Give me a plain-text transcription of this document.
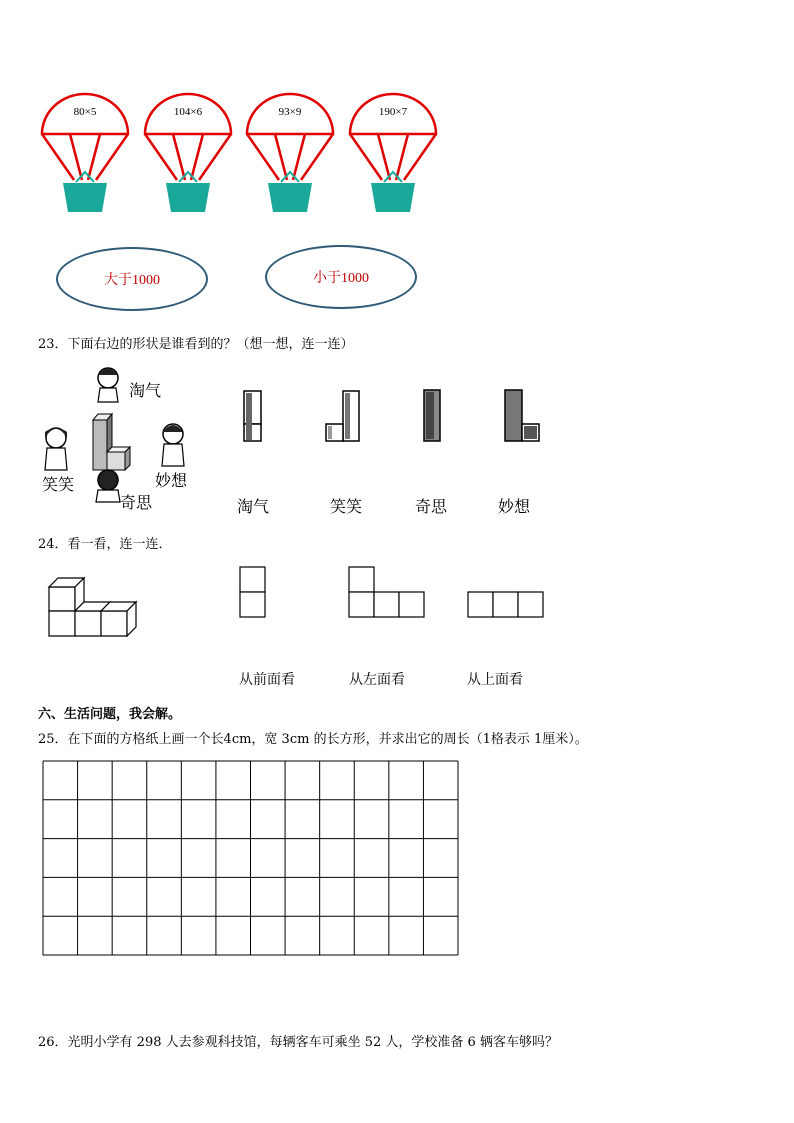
80×5	104×6	93×9	190×7
大于1000	小于1000
23．下面右边的形状是谁看到的？（想一想，连一连）
淘气
笑笑
奇思
妙想
淘气	笑笑	奇思	妙想
24．看一看，连一连．
从前面看	从左面看	从上面看
六、生活问题，我会解。
25．在下面的方格纸上画一个长4cm，宽 3cm 的长方形，并求出它的周长（1格表示 1厘米）。
26．光明小学有 298 人去参观科技馆，每辆客车可乘坐 52 人，学校准备 6 辆客车够吗？
